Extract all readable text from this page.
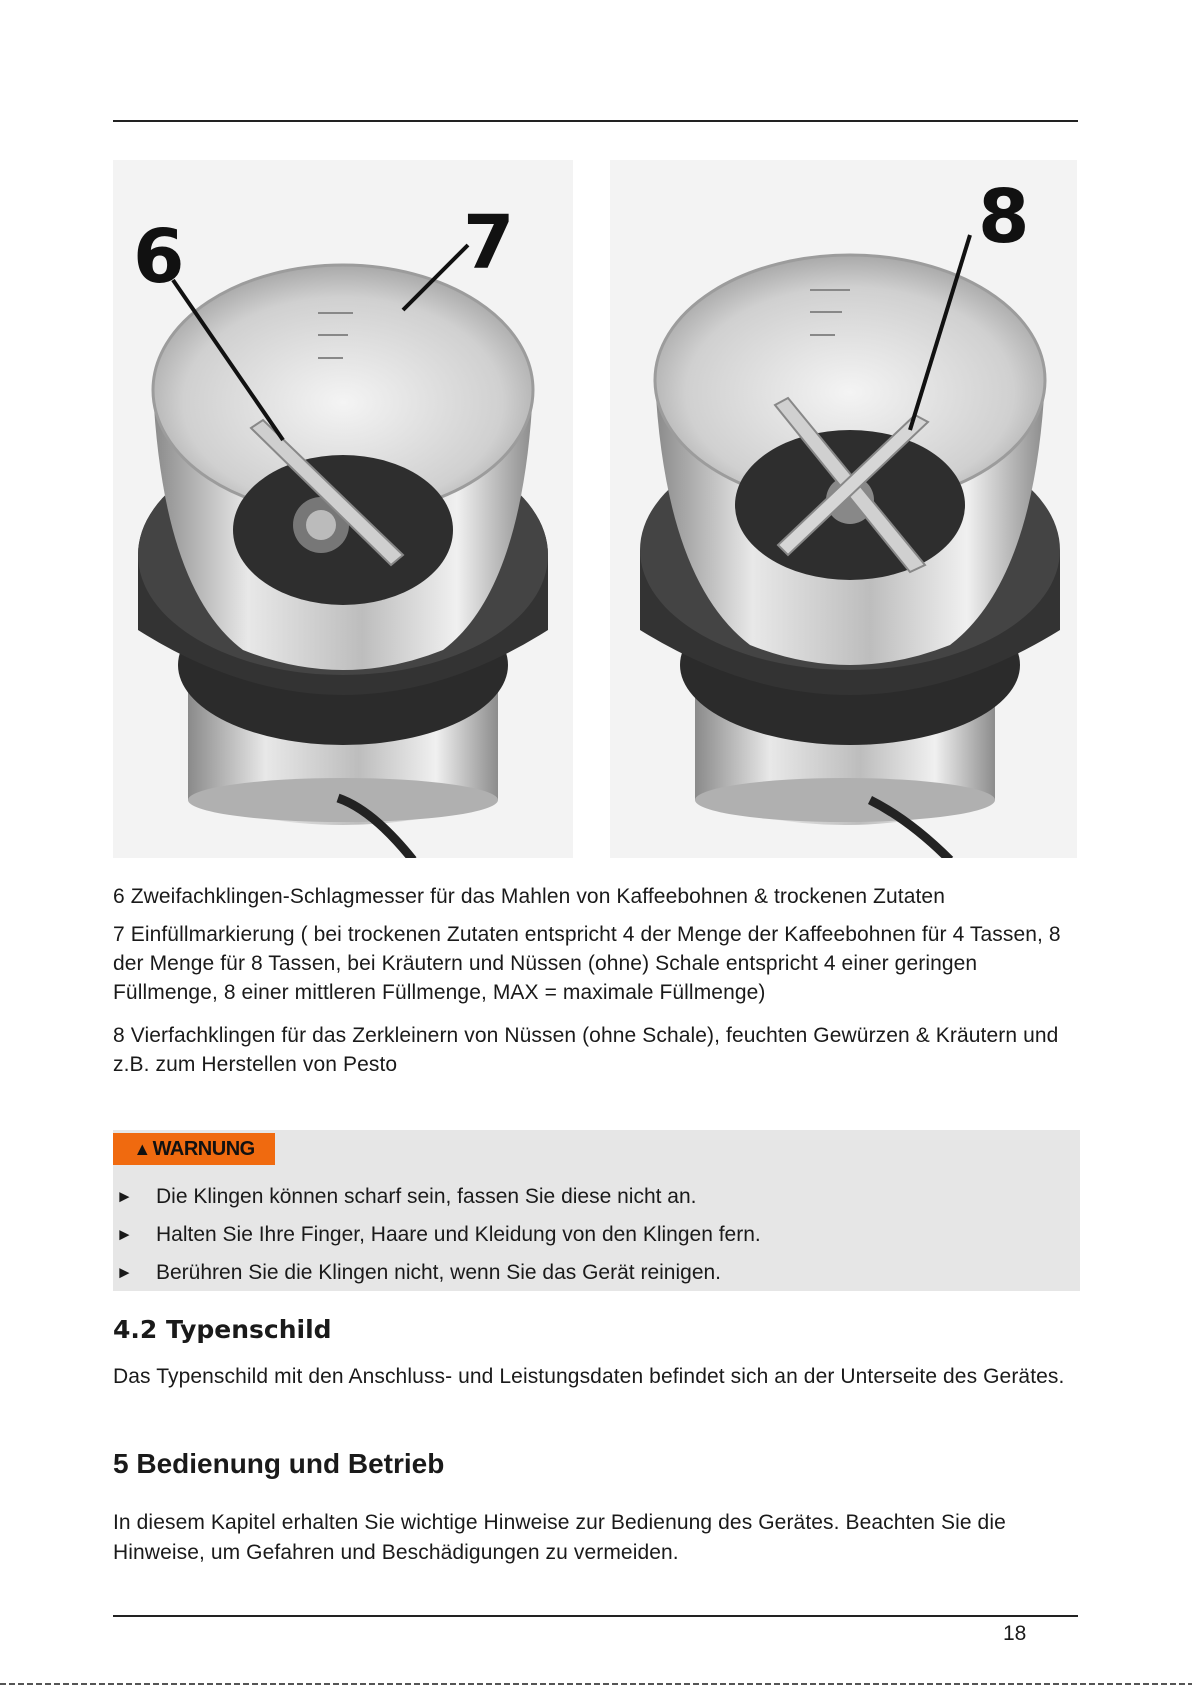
6	7	8

6 Zweifachklingen-Schlagmesser für das Mahlen von Kaffeebohnen & trockenen Zutaten

7 Einfüllmarkierung ( bei trockenen Zutaten entspricht 4 der Menge der Kaffeebohnen für 4 Tassen, 8 der Menge für 8 Tassen, bei Kräutern und Nüssen (ohne) Schale entspricht 4 einer geringen Füllmenge, 8 einer mittleren Füllmenge, MAX = maximale Füllmenge)

8 Vierfachklingen für das Zerkleinern von Nüssen (ohne Schale), feuchten Gewürzen & Kräutern und z.B. zum Herstellen von Pesto

▲ WARNUNG
► Die Klingen können scharf sein, fassen Sie diese nicht an.
► Halten Sie Ihre Finger, Haare und Kleidung von den Klingen fern.
► Berühren Sie die Klingen nicht, wenn Sie das Gerät reinigen.
4.2 Typenschild

Das Typenschild mit den Anschluss- und Leistungsdaten befindet sich an der Unterseite des Gerätes.

5 Bedienung und Betrieb

In diesem Kapitel erhalten Sie wichtige Hinweise zur Bedienung des Gerätes. Beachten Sie die Hinweise, um Gefahren und Beschädigungen zu vermeiden.

18
